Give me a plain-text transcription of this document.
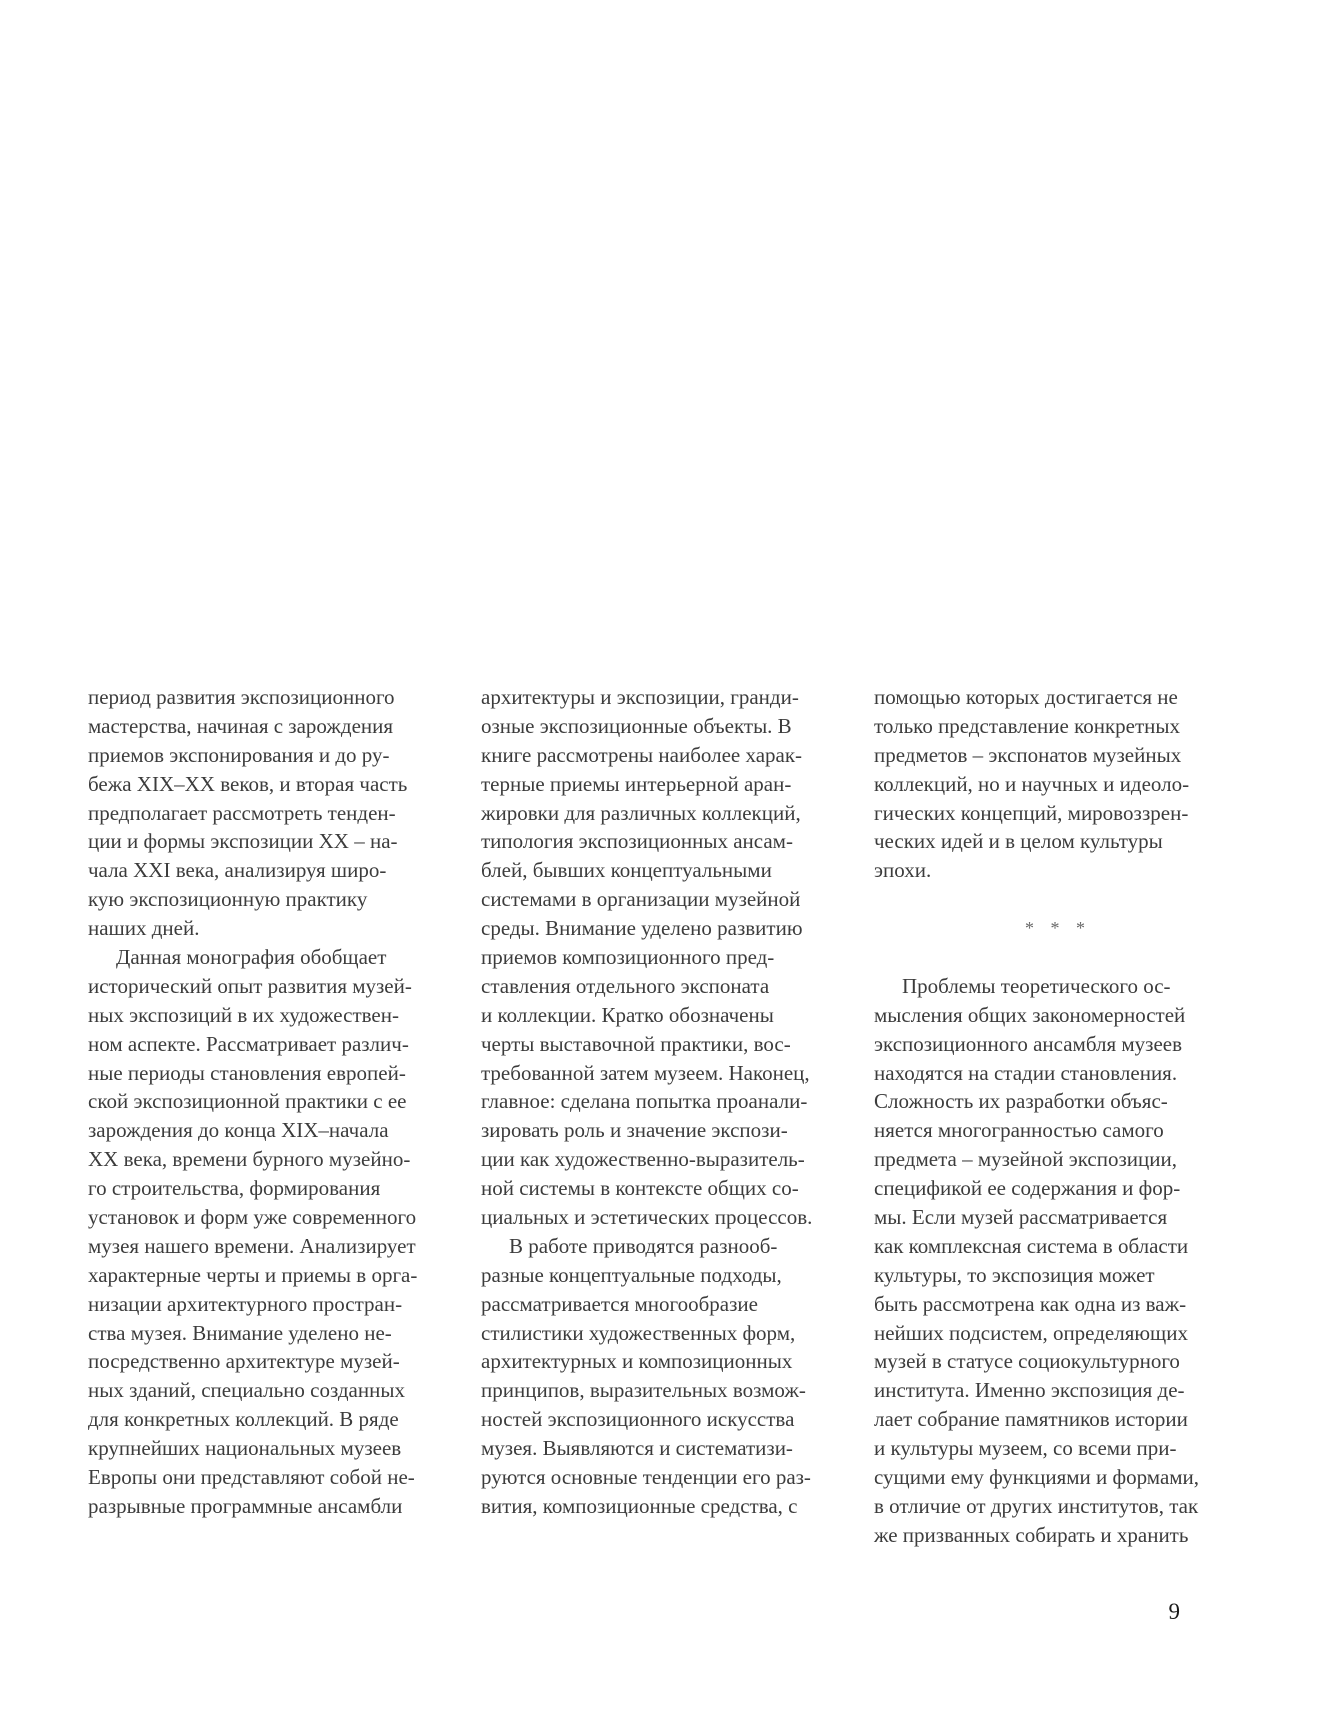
период развития экспозиционного
мастерства, начиная с зарождения
приемов экспонирования и до ру-
бежа XIX–XX веков, и вторая часть
предполагает рассмотреть тенден-
ции и формы экспозиции XX – на-
чала XXI века, анализируя широ-
кую экспозиционную практику
наших дней.
Данная монография обобщает
исторический опыт развития музей-
ных экспозиций в их художествен-
ном аспекте. Рассматривает различ-
ные периоды становления европей-
ской экспозиционной практики с ее
зарождения до конца XIX–начала
XX века, времени бурного музейно-
го строительства, формирования
установок и форм уже современного
музея нашего времени. Анализирует
характерные черты и приемы в орга-
низации архитектурного простран-
ства музея. Внимание уделено не-
посредственно архитектуре музей-
ных зданий, специально созданных
для конкретных коллекций. В ряде
крупнейших национальных музеев
Европы они представляют собой не-
разрывные программные ансамбли
архитектуры и экспозиции, гранди-
озные экспозиционные объекты. В
книге рассмотрены наиболее харак-
терные приемы интерьерной аран-
жировки для различных коллекций,
типология экспозиционных ансам-
блей, бывших концептуальными
системами в организации музейной
среды. Внимание уделено развитию
приемов композиционного пред-
ставления отдельного экспоната
и коллекции. Кратко обозначены
черты выставочной практики, вос-
требованной затем музеем. Наконец,
главное: сделана попытка проанали-
зировать роль и значение экспози-
ции как художественно-выразитель-
ной системы в контексте общих со-
циальных и эстетических процессов.
В работе приводятся разнооб-
разные концептуальные подходы,
рассматривается многообразие
стилистики художественных форм,
архитектурных и композиционных
принципов, выразительных возмож-
ностей экспозиционного искусства
музея. Выявляются и систематизи-
руются основные тенденции его раз-
вития, композиционные средства, с
помощью которых достигается не
только представление конкретных
предметов – экспонатов музейных
коллекций, но и научных и идеоло-
гических концепций, мировоззрен-
ческих идей и в целом культуры
эпохи.
* * *
Проблемы теоретического ос-
мысления общих закономерностей
экспозиционного ансамбля музеев
находятся на стадии становления.
Сложность их разработки объяс-
няется многогранностью самого
предмета – музейной экспозиции,
спецификой ее содержания и фор-
мы. Если музей рассматривается
как комплексная система в области
культуры, то экспозиция может
быть рассмотрена как одна из важ-
нейших подсистем, определяющих
музей в статусе социокультурного
института. Именно экспозиция де-
лает собрание памятников истории
и культуры музеем, со всеми при-
сущими ему функциями и формами,
в отличие от других институтов, так
же призванных собирать и хранить
9
